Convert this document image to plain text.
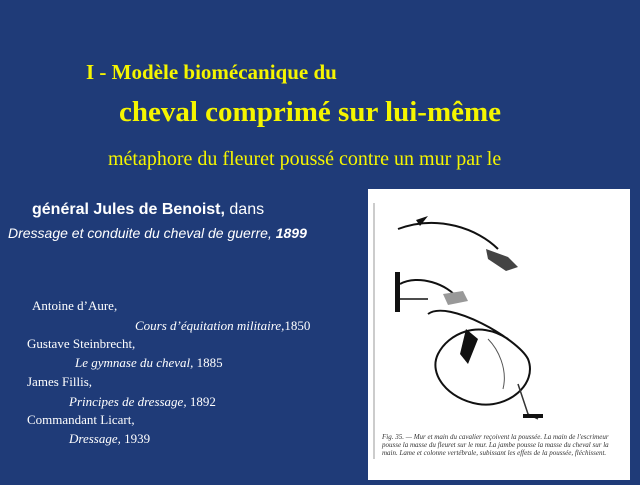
I - Modèle biomécanique du
cheval comprimé sur lui-même
métaphore du fleuret poussé contre un mur par le
général Jules de Benoist, dans
Dressage et conduite du cheval de guerre, 1899
Antoine d’Aure,
Cours d’équitation militaire,1850
Gustave Steinbrecht,
Le gymnase du cheval, 1885
James Fillis,
Principes de dressage, 1892
Commandant Licart,
Dressage, 1939	Fig. 35. — Mur et main du cavalier reçoivent la poussée. La main de l'escrimeur pousse la masse du fleuret sur le mur. La jambe pousse la masse du cheval sur la main. Lame et colonne vertébrale, subissant les effets de la poussée, fléchissent.
